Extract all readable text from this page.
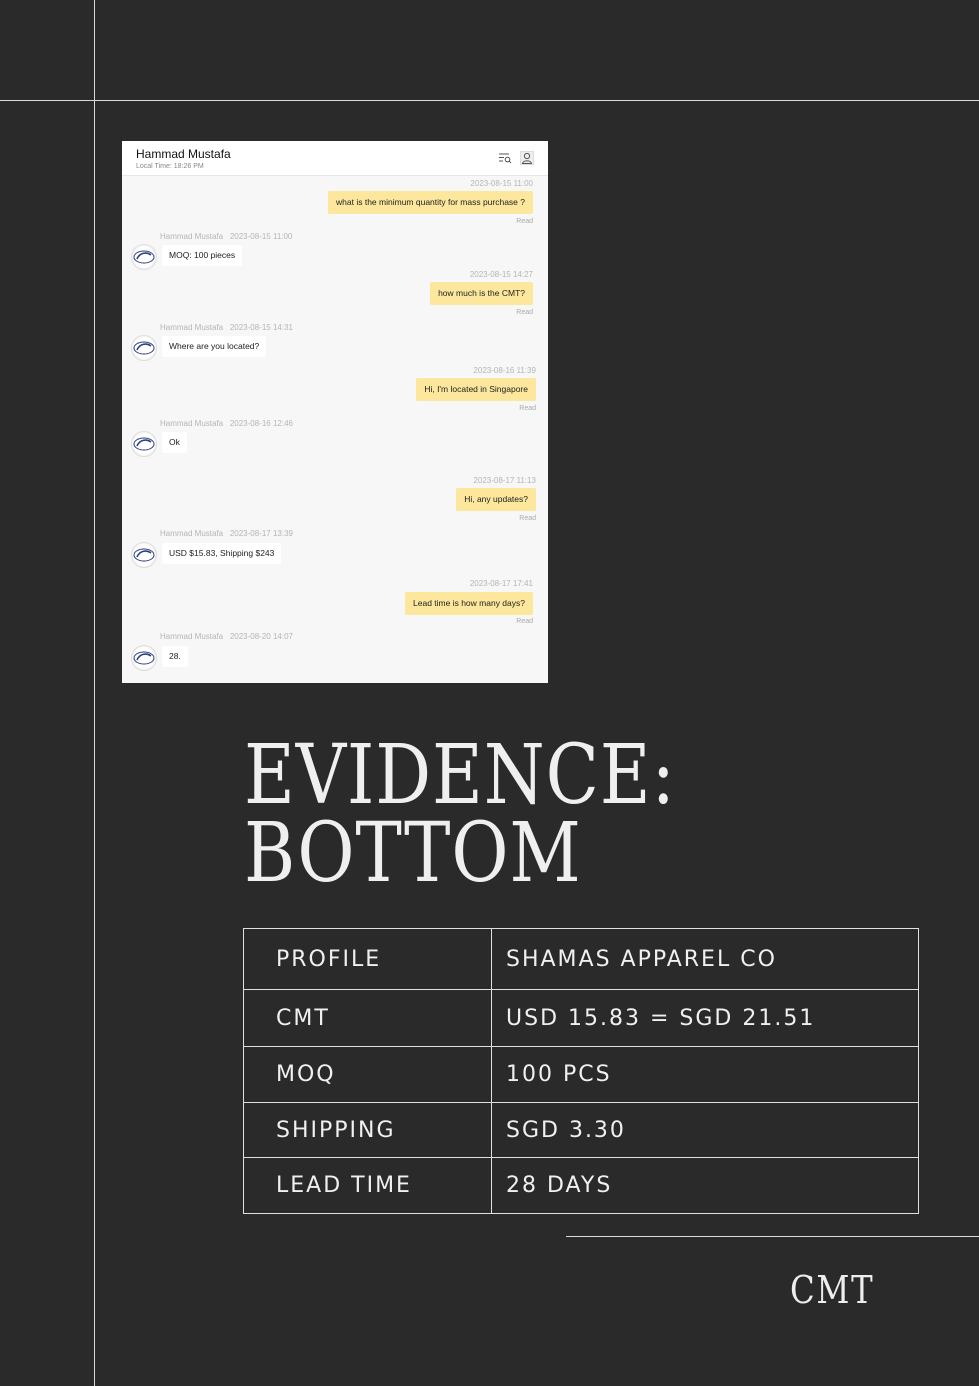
Hammad Mustafa
Local Time: 18:26 PM
2023-08-15 11:00
what is the minimum quantity for mass purchase ?
Read
Hammad Mustafa 2023-08-15 11:00
MOQ: 100 pieces
2023-08-15 14:27
how much is the CMT?
Read
Hammad Mustafa 2023-08-15 14:31
Where are you located?
2023-08-16 11:39
Hi, I'm located in Singapore
Read
Hammad Mustafa 2023-08-16 12:46
Ok
2023-08-17 11:13
Hi, any updates?
Read
Hammad Mustafa 2023-08-17 13:39
USD $15.83, Shipping $243
2023-08-17 17:41
Lead time is how many days?
Read
Hammad Mustafa 2023-08-20 14:07
28.
EVIDENCE:
BOTTOM
PROFILE	SHAMAS APPAREL CO
CMT	USD 15.83 = SGD 21.51
MOQ	100 PCS
SHIPPING	SGD 3.30
LEAD TIME	28 DAYS
CMT
